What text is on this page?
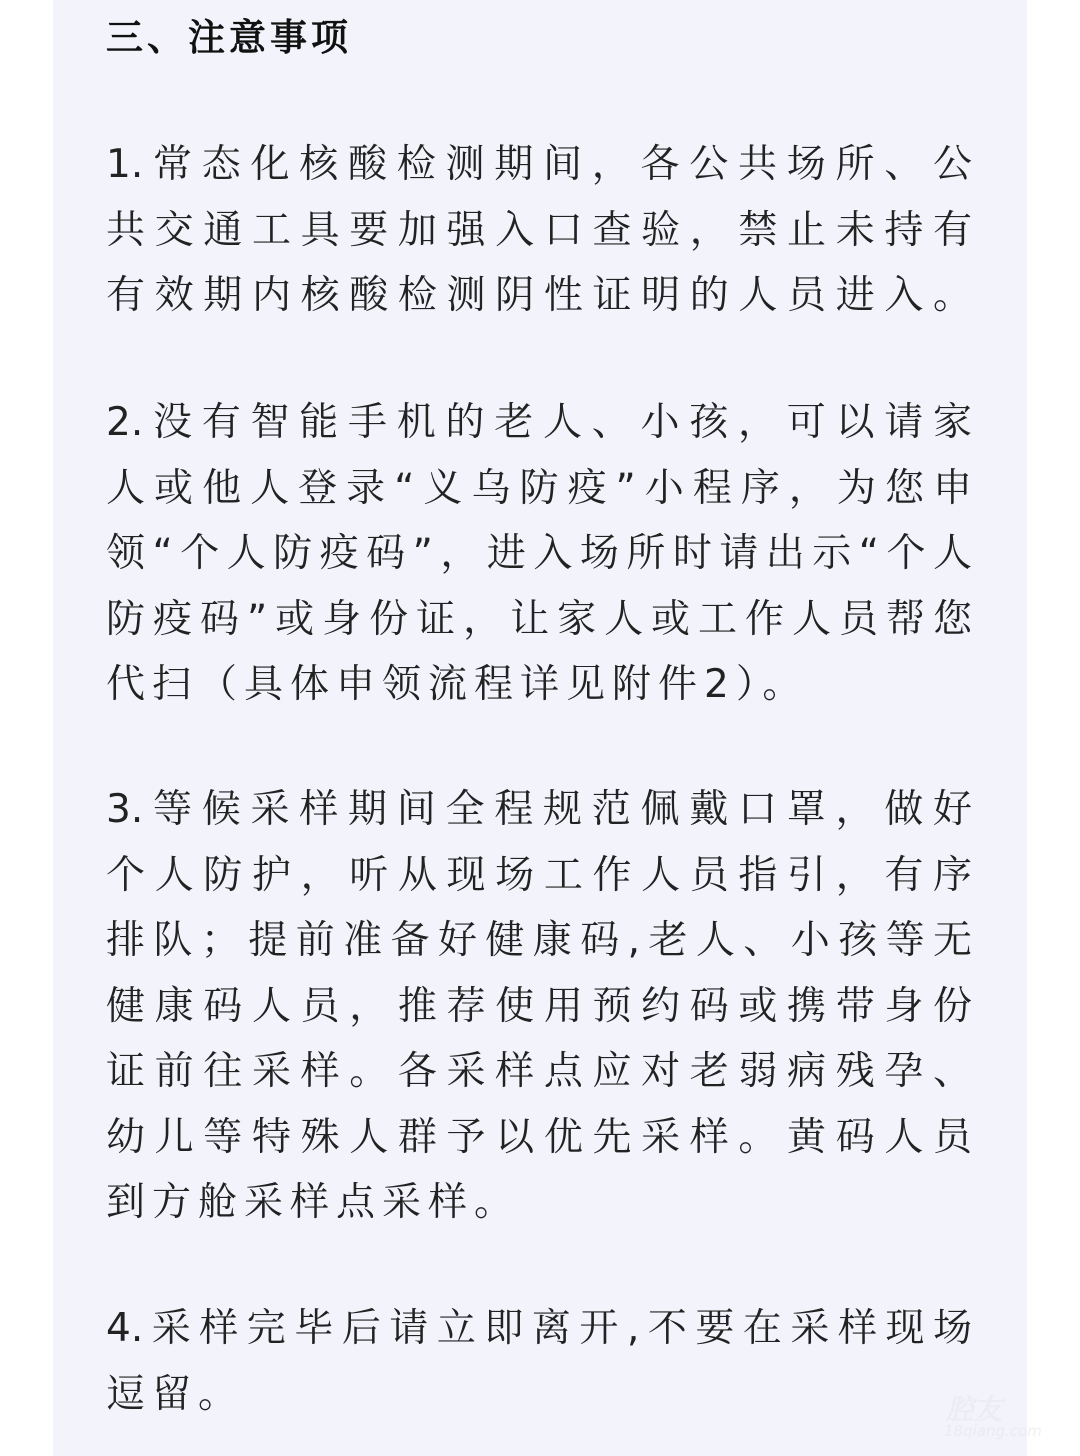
三、注意事项
1.常态化核酸检测期间，各公共场所、公
共交通工具要加强入口查验，禁止未持有
有效期内核酸检测阴性证明的人员进入。
2.没有智能手机的老人、小孩，可以请家
人或他人登录“义乌防疫”小程序，为您申
领“个人防疫码”，进入场所时请出示“个人
防疫码”或身份证，让家人或工作人员帮您
代扫（具体申领流程详见附件2）。
3.等候采样期间全程规范佩戴口罩，做好
个人防护，听从现场工作人员指引，有序
排队；提前准备好健康码,老人、小孩等无
健康码人员，推荐使用预约码或携带身份
证前往采样。各采样点应对老弱病残孕、
幼儿等特殊人群予以优先采样。黄码人员
到方舱采样点采样。
4.采样完毕后请立即离开,不要在采样现场
逗留。	腔友
18qiang.com
